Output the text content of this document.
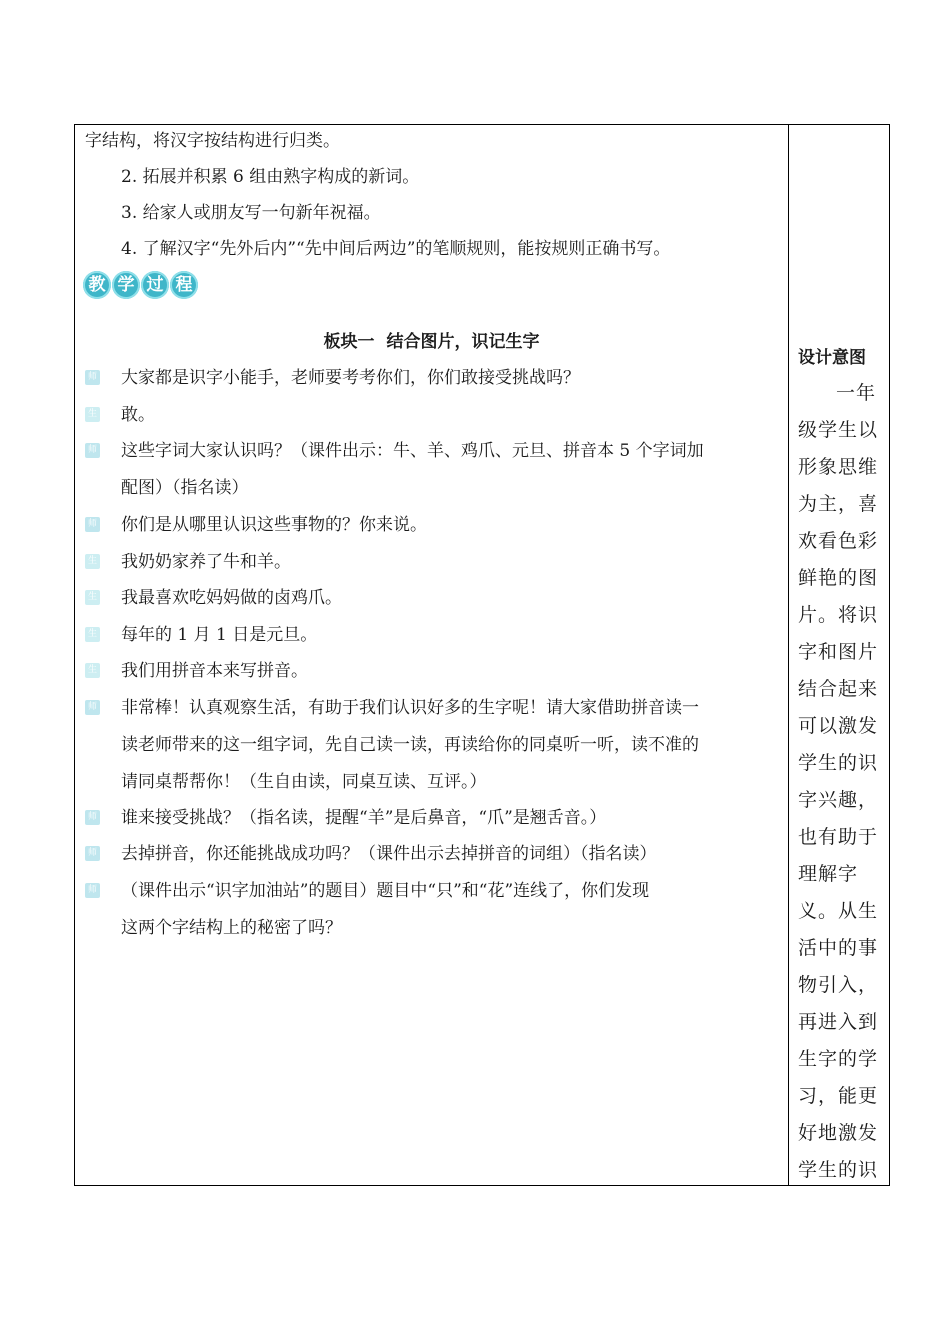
字结构，将汉字按结构进行归类。
2. 拓展并积累 6 组由熟字构成的新词。
3. 给家人或朋友写一句新年祝福。
4. 了解汉字“先外后内”“先中间后两边”的笔顺规则，能按规则正确书写。
教 学 过 程
板块一 结合图片，识记生字
师 大家都是识字小能手，老师要考考你们，你们敢接受挑战吗？
生 敢。
师 这些字词大家认识吗？（课件出示：牛、羊、鸡爪、元旦、拼音本 5 个字词加
配图）（指名读）
师 你们是从哪里认识这些事物的？你来说。
生 我奶奶家养了牛和羊。
生 我最喜欢吃妈妈做的卤鸡爪。
生 每年的 1 月 1 日是元旦。
生 我们用拼音本来写拼音。
师 非常棒！认真观察生活，有助于我们认识好多的生字呢！请大家借助拼音读一
读老师带来的这一组字词，先自己读一读，再读给你的同桌听一听，读不准的
请同桌帮帮你！（生自由读，同桌互读、互评。）
师 谁来接受挑战？（指名读，提醒“羊”是后鼻音，“爪”是翘舌音。）
师 去掉拼音，你还能挑战成功吗？（课件出示去掉拼音的词组）（指名读）
师 （课件出示“识字加油站”的题目）题目中“只”和“花”连线了，你们发现
这两个字结构上的秘密了吗？
设计意图
一年
级学生以
形象思维
为主，喜
欢看色彩
鲜艳的图
片。将识
字和图片
结合起来
可以激发
学生的识
字兴趣，
也有助于
理解字
义。从生
活中的事
物引入，
再进入到
生字的学
习，能更
好地激发
学生的识
